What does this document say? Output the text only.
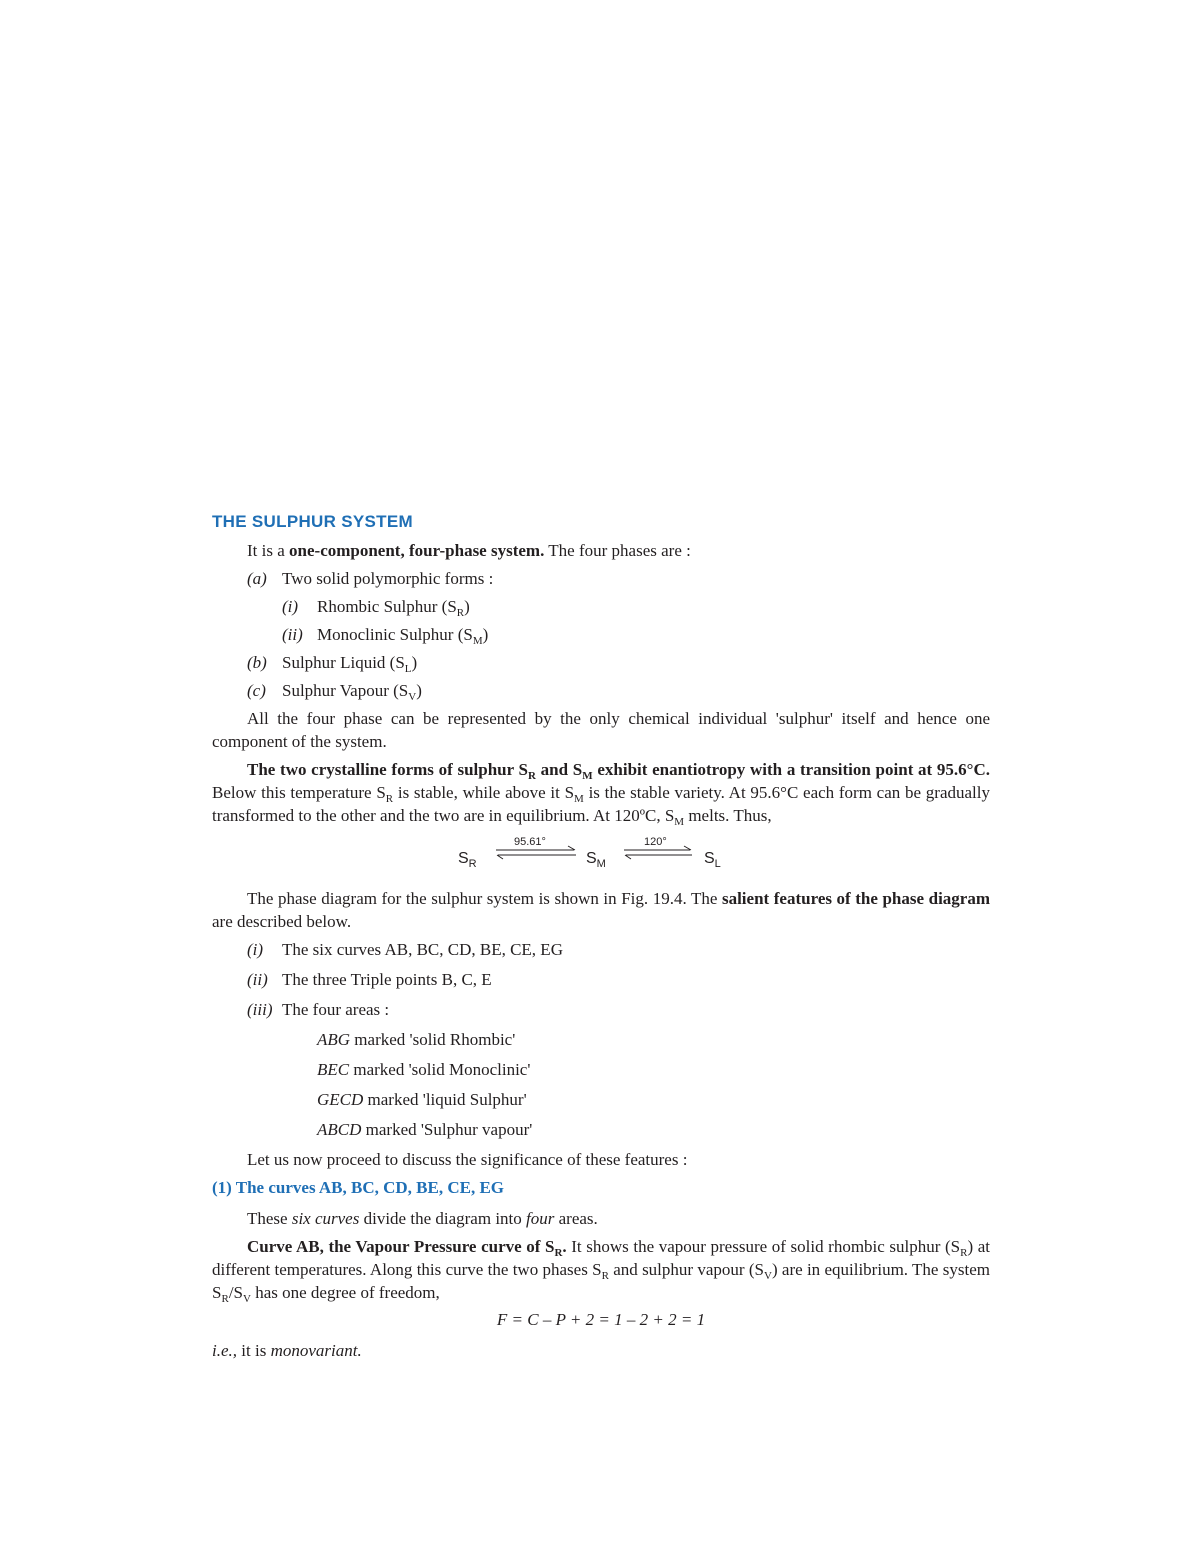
THE SULPHUR SYSTEM

It is a one-component, four-phase system. The four phases are :

(a) Two solid polymorphic forms :
(i) Rhombic Sulphur $(S_R)$
(ii) Monoclinic Sulphur $(S_M)$
(b) Sulphur Liquid $(S_L)$
(c) Sulphur Vapour $(S_V)$

All the four phase can be represented by the only chemical individual 'sulphur' itself and hence one component of the system.

The two crystalline forms of sulphur $S_R$ and $S_M$ exhibit enantiotropy with a transition point at 95.6°C. Below this temperature $S_R$ is stable, while above it $S_M$ is the stable variety. At 95.6°C each form can be gradually transformed to the other and the two are in equilibrium. At 120ºC, $S_M$ melts. Thus,

$S_R$
95.61°
$S_M$
120°
$S_L$

The phase diagram for the sulphur system is shown in Fig. 19.4. The salient features of the phase diagram are described below.

(i) The six curves AB, BC, CD, BE, CE, EG
(ii) The three Triple points B, C, E
(iii) The four areas :
ABG marked 'solid Rhombic'
BEC marked 'solid Monoclinic'
GECD marked 'liquid Sulphur'
ABCD marked 'Sulphur vapour'

Let us now proceed to discuss the significance of these features :

(1) The curves AB, BC, CD, BE, CE, EG

These six curves divide the diagram into four areas.

Curve AB, the Vapour Pressure curve of $S_R$. It shows the vapour pressure of solid rhombic sulphur $(S_R)$ at different temperatures. Along this curve the two phases $S_R$ and sulphur vapour $(S_V)$ are in equilibrium. The system $S_R/S_V$ has one degree of freedom,

F = C – P + 2 = 1 – 2 + 2 = 1

i.e., it is monovariant.
